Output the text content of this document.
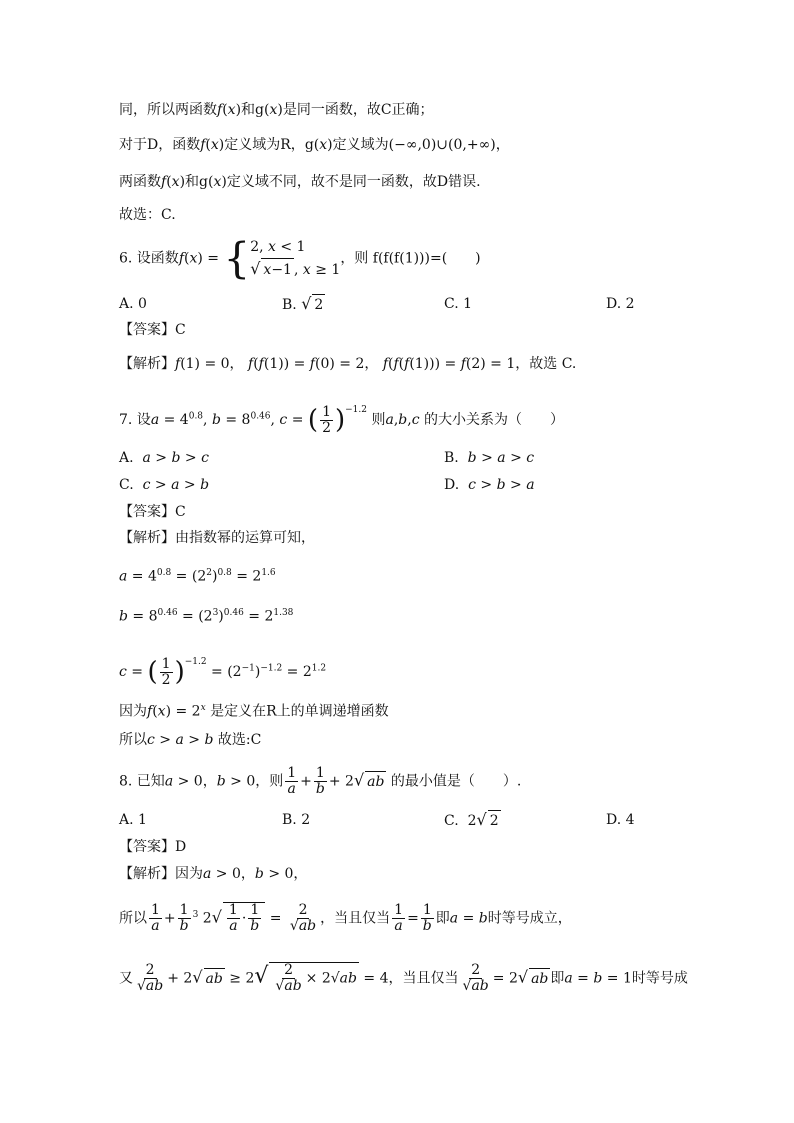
同，所以两函数f(x)和g(x)是同一函数，故C正确；
对于D，函数f(x)定义域为R，g(x)定义域为(−∞,0)∪(0,+∞)，
两函数f(x)和g(x)定义域不同，故不是同一函数，故D错误.
故选：C.
6. 设函数f(x) = { 2, x < 1
√ x−1 , x ≥ 1
，则 f(f(f(1)))=(　　)
A. 0	B. √ 2	C. 1	D. 2
【答案】C
【解析】f(1) = 0， f(f(1)) = f(0) = 2， f(f(f(1))) = f(2) = 1，故选 C.
7. 设$a = 4^{0.8}$, $b = 8^{0.46}$, c = ( $\frac{1}{2} )^{-1.2}$ 则a,b,c 的大小关系为（　　）
A. a > b > c	B. b > a > c
C. c > a > b	D. c > b > a
【答案】C
【解析】由指数幂的运算可知，
$a = 4^{0.8} = (2^2)^{0.8} = 2^{1.6}$
$b = 8^{0.46} = (2^3)^{0.46} = 2^{1.38}$
c = ( $\frac{1}{2} )^{-1.2} = (2^{-1})^{-1.2} = 2^{1.2}$
因为$f(x) = 2^x$ 是定义在R上的单调递增函数
所以c > a > b 故选:C
8. 已知a > 0，b > 0，则 $\frac{1}{a} + \frac{1}{b} + 2√$ ab 的最小值是（　　）.
A. 1	B. 2	C.  2√ 2	D. 4
【答案】D
【解析】因为a > 0，b > 0，
所以 $\frac{1}{a} + \frac{1}{b} ^3$ $2√ \frac{1}{a} \cdot \frac{1}{b} = \frac{2}{√ab}$ ，当且仅当 $\frac{1}{a} = \frac{1}{b}$ 即a = b时等号成立，
又 $\frac{2}{√ab} + 2√$ ab ≥ $2√ \frac{2}{√ab} \times 2√ab = 4$，当且仅当 $\frac{2}{√ab} = 2√$ ab 即a = b = 1时等号成
